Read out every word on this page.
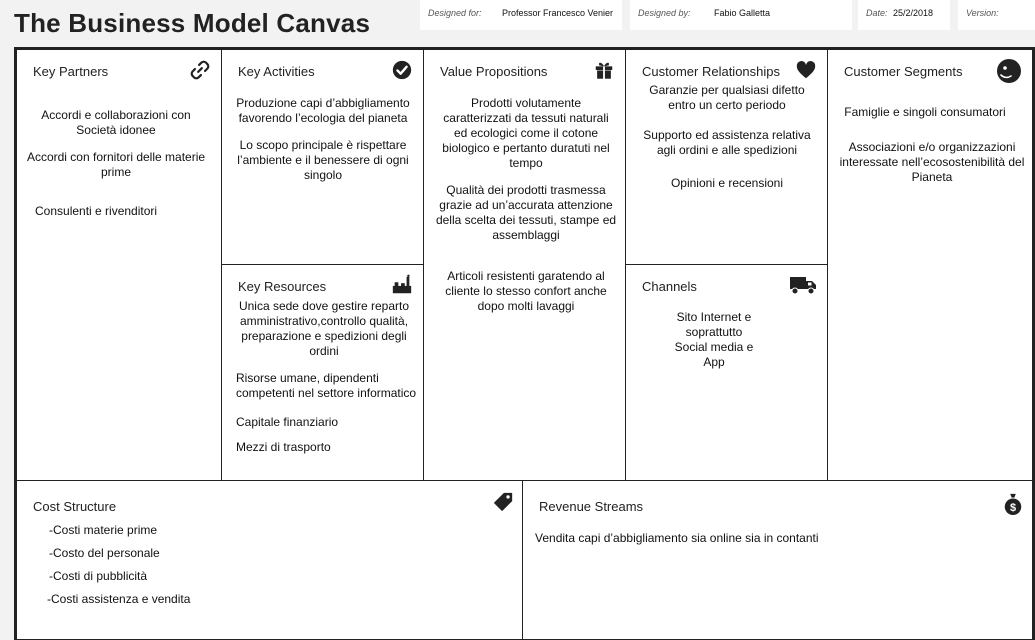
The Business Model Canvas	Designed for: Professor Francesco Venier	Designed by:	Fabio Galletta	Date: 25/2/2018	Version:
Key Partners

Accordi e collaborazioni con Società idonee

Accordi con fornitori delle materie prime

Consulenti e rivenditori

Key Activities

Produzione capi d’abbigliamento favorendo l’ecologia del pianeta

Lo scopo principale è rispettare l’ambiente e il benessere di ogni singolo

Key Resources

Unica sede dove gestire reparto amministrativo,controllo qualità, preparazione e spedizioni degli ordini

Risorse umane, dipendenti competenti nel settore informatico

Capitale finanziario

Mezzi di trasporto

Value Propositions

Prodotti volutamente caratterizzati da tessuti naturali ed ecologici come il cotone biologico e pertanto duratuti nel tempo

Qualità dei prodotti trasmessa grazie ad un’accurata attenzione della scelta dei tessuti, stampe ed assemblaggi

Articoli resistenti garatendo al cliente lo stesso confort anche dopo molti lavaggi

Customer Relationships

Garanzie per qualsiasi difetto entro un certo periodo

Supporto ed assistenza relativa agli ordini e alle spedizioni

Opinioni e recensioni

Channels
Sito Internet e
soprattutto
Social media e
App
Customer Segments

Famiglie e singoli consumatori

Associazioni e/o organizzazioni interessate nell’ecosostenibilità del Pianeta

Cost Structure

-Costi materie prime

-Costo del personale

-Costi di pubblicità

-Costi assistenza e vendita

Revenue Streams	$

Vendita capi d’abbigliamento sia online sia in contanti
